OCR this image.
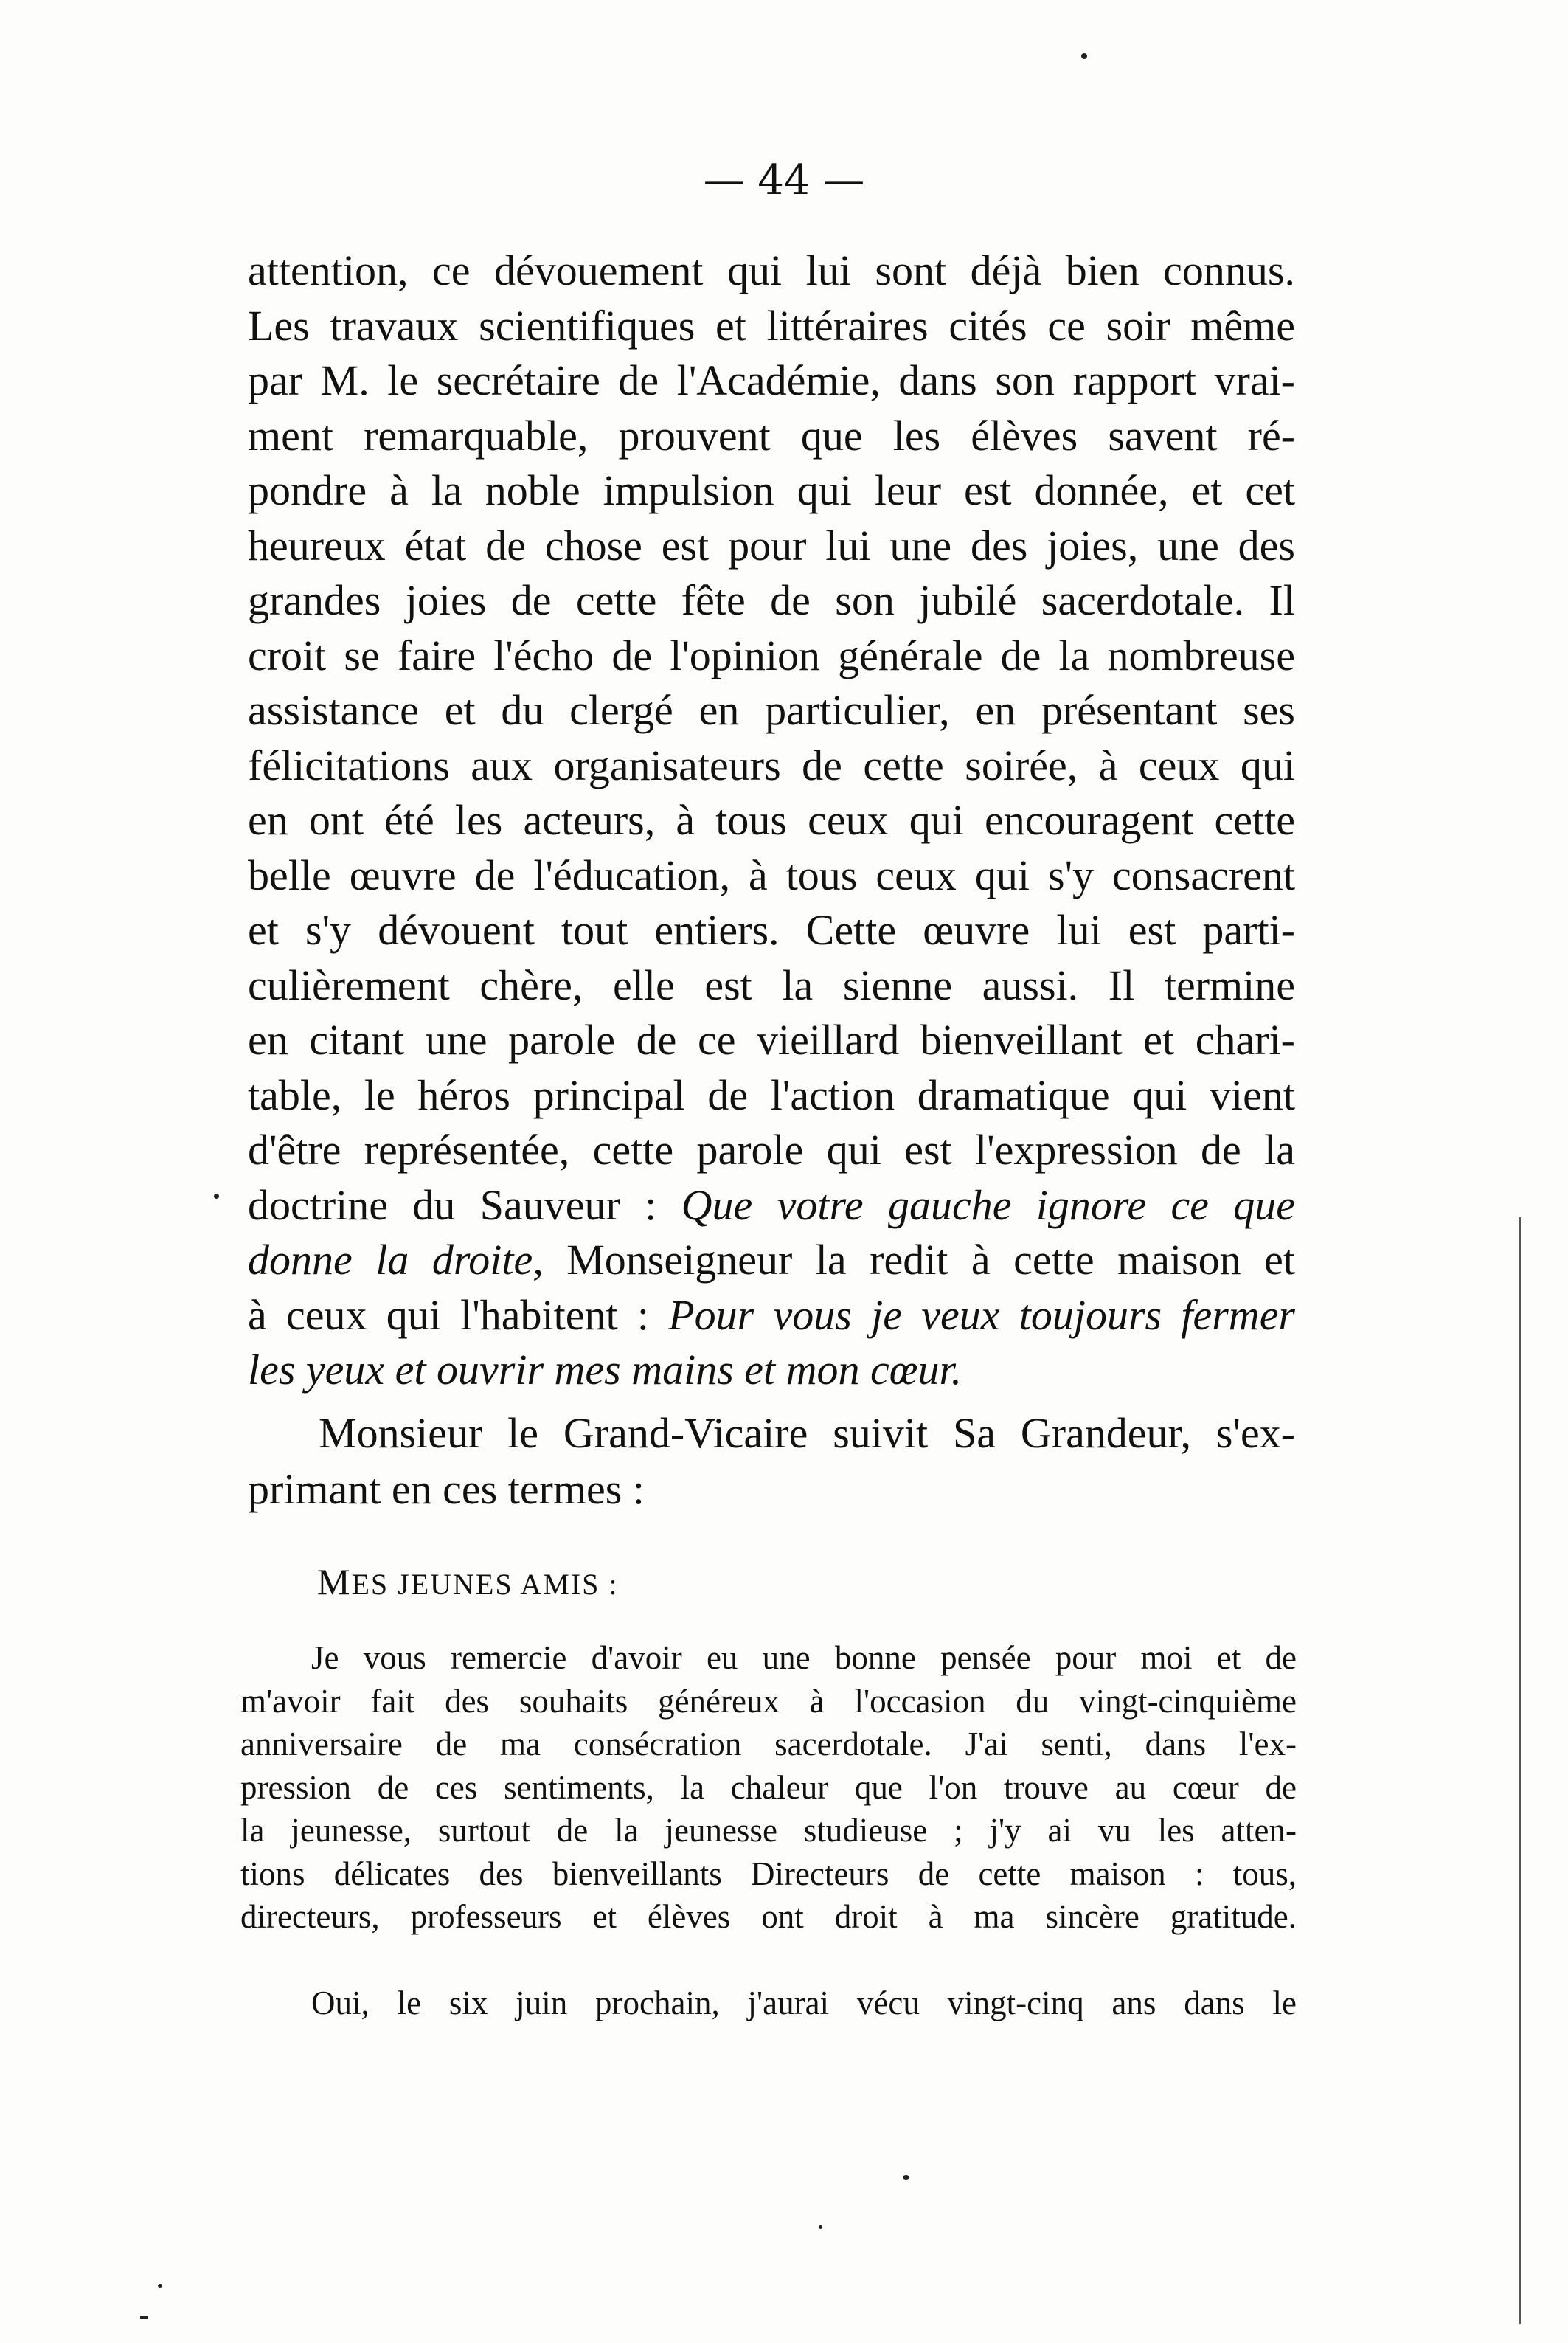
— 44 —
attention, ce dévouement qui lui sont déjà bien connus.
Les travaux scientifiques et littéraires cités ce soir même
par M. le secrétaire de l'Académie, dans son rapport vrai-
ment remarquable, prouvent que les élèves savent ré-
pondre à la noble impulsion qui leur est donnée, et cet
heureux état de chose est pour lui une des joies, une des
grandes joies de cette fête de son jubilé sacerdotale. Il
croit se faire l'écho de l'opinion générale de la nombreuse
assistance et du clergé en particulier, en présentant ses
félicitations aux organisateurs de cette soirée, à ceux qui
en ont été les acteurs, à tous ceux qui encouragent cette
belle œuvre de l'éducation, à tous ceux qui s'y consacrent
et s'y dévouent tout entiers. Cette œuvre lui est parti-
culièrement chère, elle est la sienne aussi. Il termine
en citant une parole de ce vieillard bienveillant et chari-
table, le héros principal de l'action dramatique qui vient
d'être représentée, cette parole qui est l'expression de la
doctrine du Sauveur : Que votre gauche ignore ce que
donne la droite, Monseigneur la redit à cette maison et
à ceux qui l'habitent : Pour vous je veux toujours fermer
les yeux et ouvrir mes mains et mon cœur.
Monsieur le Grand-Vicaire suivit Sa Grandeur, s'ex-
primant en ces termes :
MES JEUNES AMIS :
Je vous remercie d'avoir eu une bonne pensée pour moi et de
m'avoir fait des souhaits généreux à l'occasion du vingt-cinquième
anniversaire de ma consécration sacerdotale. J'ai senti, dans l'ex-
pression de ces sentiments, la chaleur que l'on trouve au cœur de
la jeunesse, surtout de la jeunesse studieuse ; j'y ai vu les atten-
tions délicates des bienveillants Directeurs de cette maison : tous,
directeurs, professeurs et élèves ont droit à ma sincère gratitude.
Oui, le six juin prochain, j'aurai vécu vingt-cinq ans dans le
